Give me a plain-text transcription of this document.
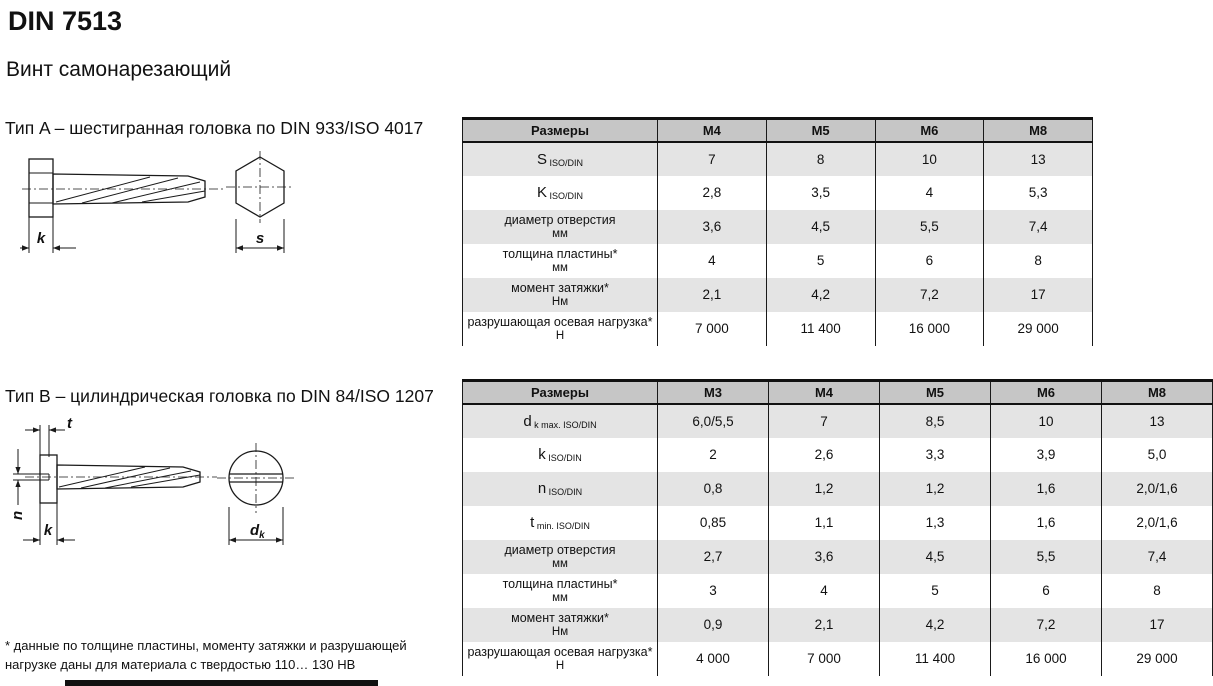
DIN 7513
Винт самонарезающий
Тип A – шестигранная головка по DIN 933/ISO 4017
Тип B – цилиндрическая головка по DIN 84/ISO 1207
k	s
t
n
k	$d_k$
Размеры	M4	M5	M6	M8
S ISO/DIN	7	8	10	13
K ISO/DIN	2,8	3,5	4	5,3

диаметр отверстия
мм	3,6	4,5	5,5	7,4

толщина пластины*
мм	4	5	6	8

момент затяжки*
Нм	2,1	4,2	7,2	17

разрушающая осевая нагрузка*
Н	7 000	11 400	16 000	29 000
Размеры	M3	M4	M5	M6	M8
d k max. ISO/DIN	6,0/5,5	7	8,5	10	13
k ISO/DIN	2	2,6	3,3	3,9	5,0
n ISO/DIN	0,8	1,2	1,2	1,6	2,0/1,6
t min. ISO/DIN	0,85	1,1	1,3	1,6	2,0/1,6

диаметр отверстия
мм	2,7	3,6	4,5	5,5	7,4

толщина пластины*
мм	3	4	5	6	8

момент затяжки*
Нм	0,9	2,1	4,2	7,2	17

разрушающая осевая нагрузка*
Н	4 000	7 000	11 400	16 000	29 000
* данные по толщине пластины, моменту затяжки и разрушающей
нагрузке даны для материала с твердостью 110… 130 НВ
